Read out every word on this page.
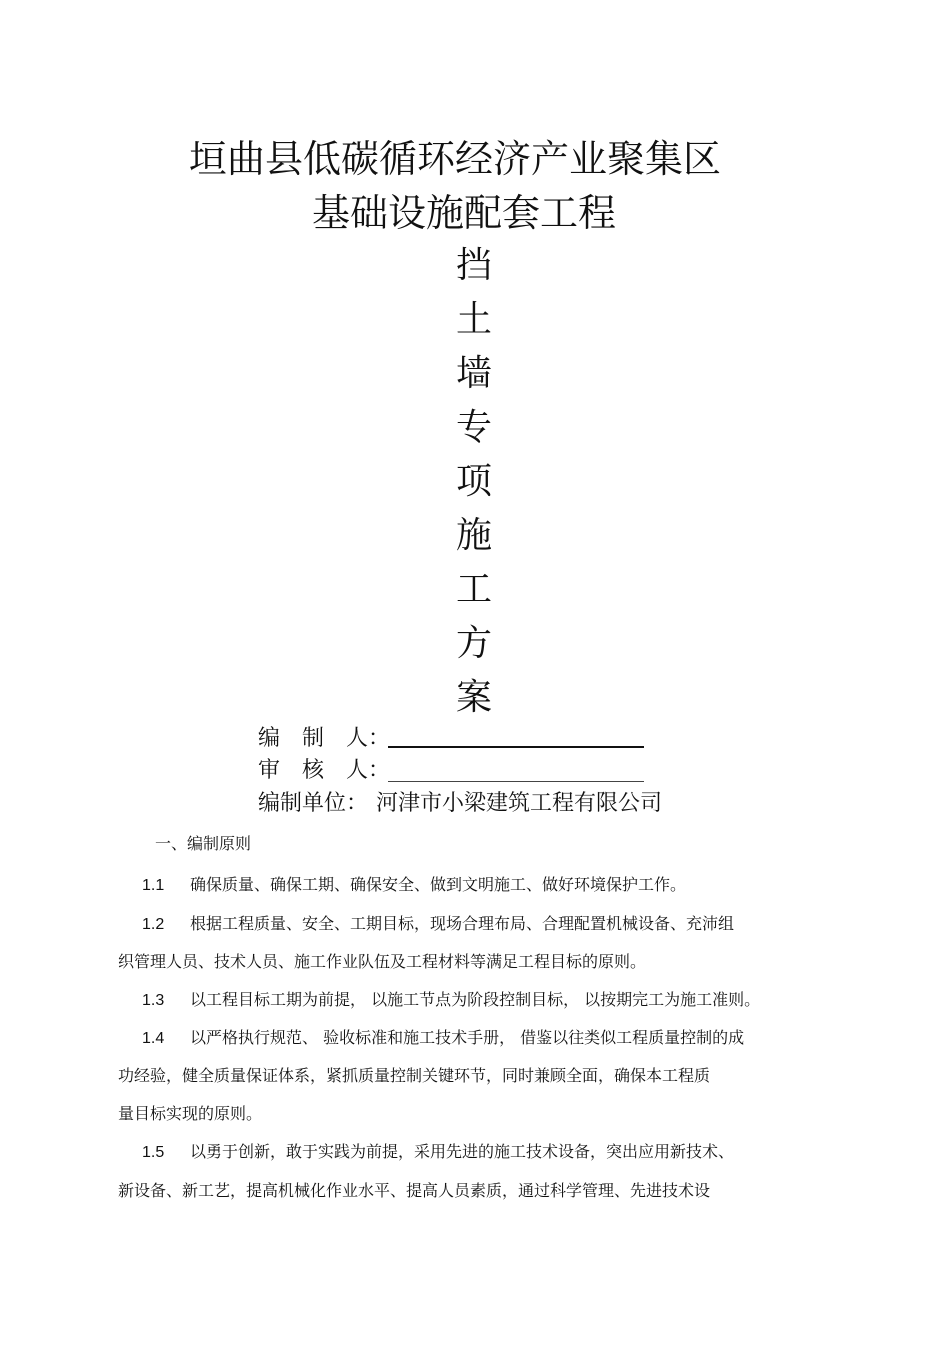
垣曲县低碳循环经济产业聚集区
基础设施配套工程
挡
土
墙
专
项
施
工
方
案
编　制　人：
审　核　人：
编制单位： 河津市小梁建筑工程有限公司
一、编制原则
1.1 确保质量、确保工期、确保安全、做到文明施工、做好环境保护工作。
1.2 根据工程质量、安全、工期目标，现场合理布局、合理配置机械设备、充沛组
织管理人员、技术人员、施工作业队伍及工程材料等满足工程目标的原则。
1.3 以工程目标工期为前提， 以施工节点为阶段控制目标， 以按期完工为施工准则。
1.4 以严格执行规范、 验收标准和施工技术手册， 借鉴以往类似工程质量控制的成
功经验，健全质量保证体系，紧抓质量控制关键环节，同时兼顾全面，确保本工程质
量目标实现的原则。
1.5 以勇于创新，敢于实践为前提，采用先进的施工技术设备，突出应用新技术、
新设备、新工艺，提高机械化作业水平、提高人员素质，通过科学管理、先进技术设
